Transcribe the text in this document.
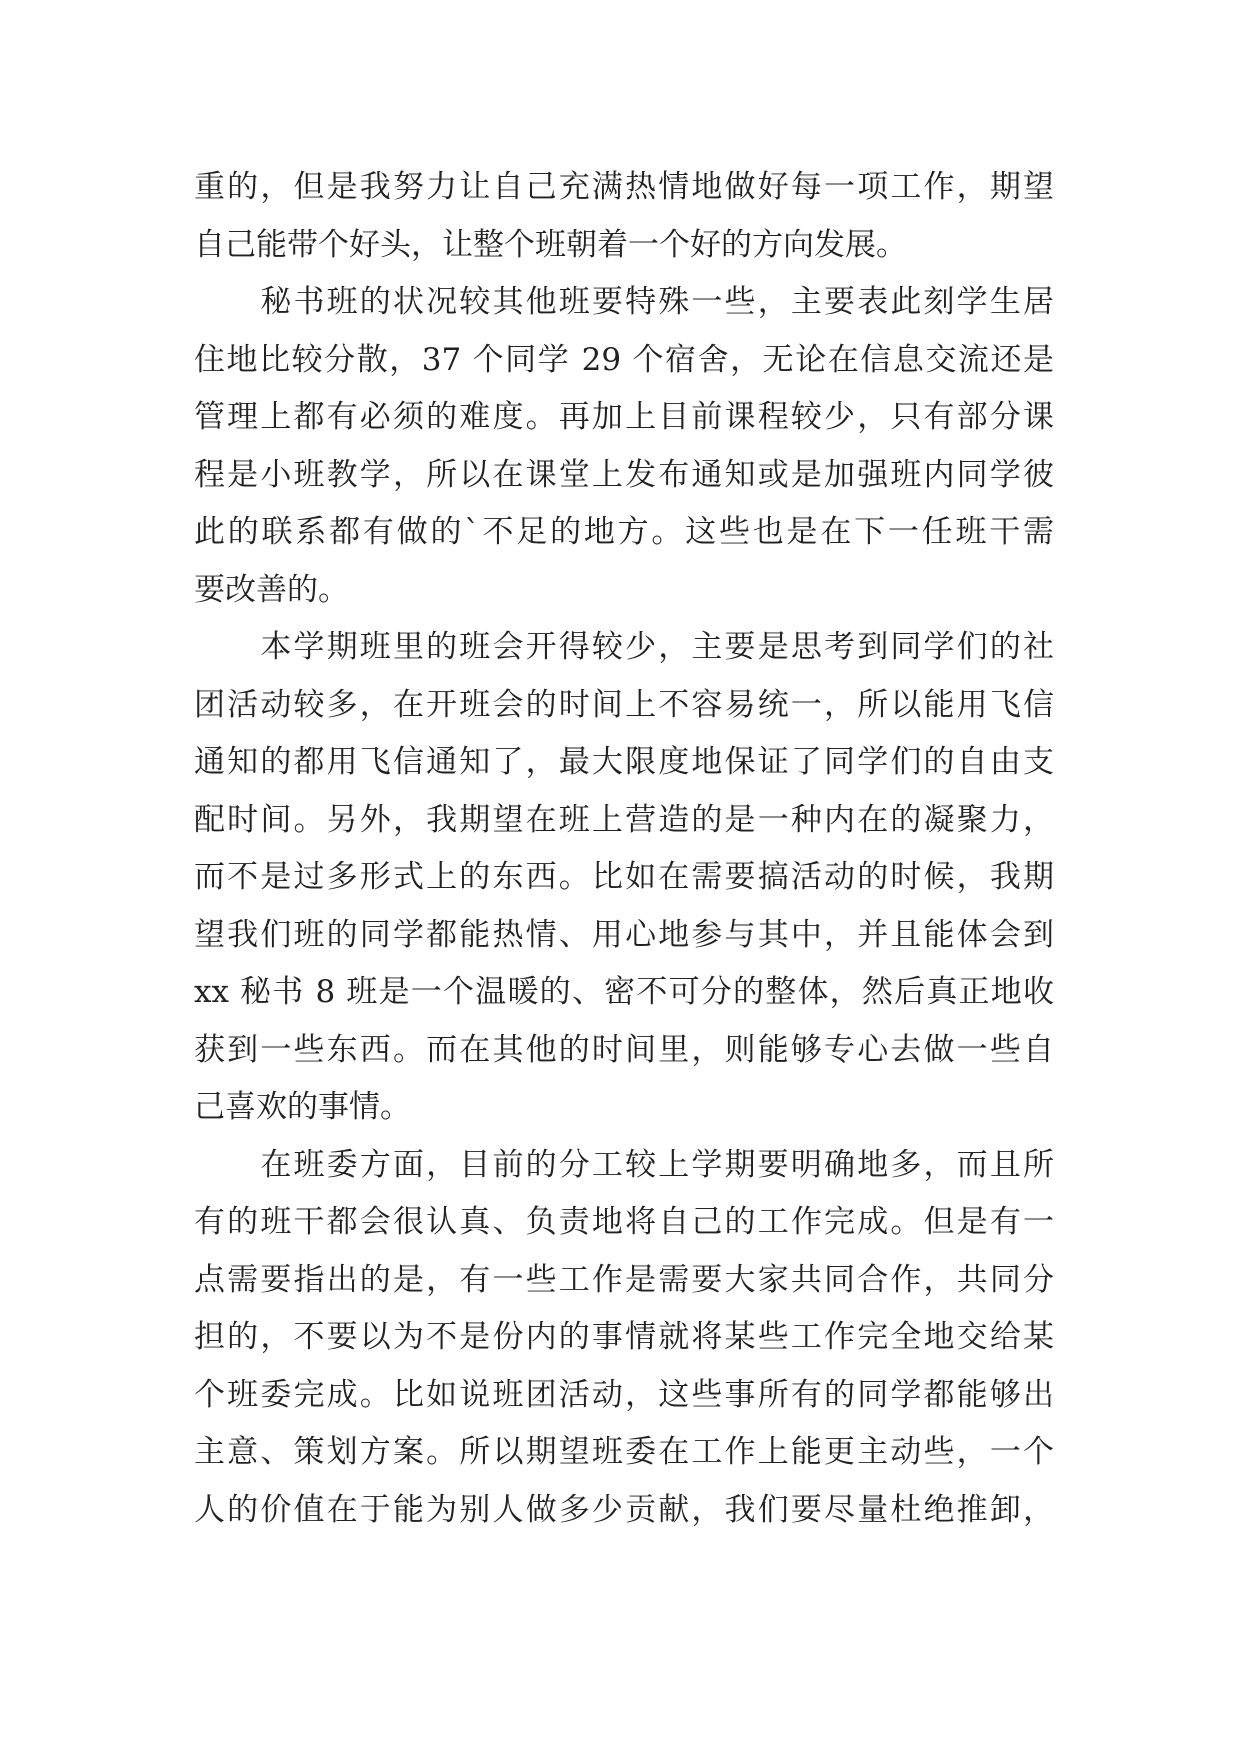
重的，但是我努力让自己充满热情地做好每一项工作，期望
自己能带个好头，让整个班朝着一个好的方向发展。
　　秘书班的状况较其他班要特殊一些，主要表此刻学生居
住地比较分散，37 个同学 29 个宿舍，无论在信息交流还是
管理上都有必须的难度。再加上目前课程较少，只有部分课
程是小班教学，所以在课堂上发布通知或是加强班内同学彼
此的联系都有做的`不足的地方。这些也是在下一任班干需
要改善的。
　　本学期班里的班会开得较少，主要是思考到同学们的社
团活动较多，在开班会的时间上不容易统一，所以能用飞信
通知的都用飞信通知了，最大限度地保证了同学们的自由支
配时间。另外，我期望在班上营造的是一种内在的凝聚力，
而不是过多形式上的东西。比如在需要搞活动的时候，我期
望我们班的同学都能热情、用心地参与其中，并且能体会到
xx 秘书 8 班是一个温暖的、密不可分的整体，然后真正地收
获到一些东西。而在其他的时间里，则能够专心去做一些自
己喜欢的事情。
　　在班委方面，目前的分工较上学期要明确地多，而且所
有的班干都会很认真、负责地将自己的工作完成。但是有一
点需要指出的是，有一些工作是需要大家共同合作，共同分
担的，不要以为不是份内的事情就将某些工作完全地交给某
个班委完成。比如说班团活动，这些事所有的同学都能够出
主意、策划方案。所以期望班委在工作上能更主动些，一个
人的价值在于能为别人做多少贡献，我们要尽量杜绝推卸，
